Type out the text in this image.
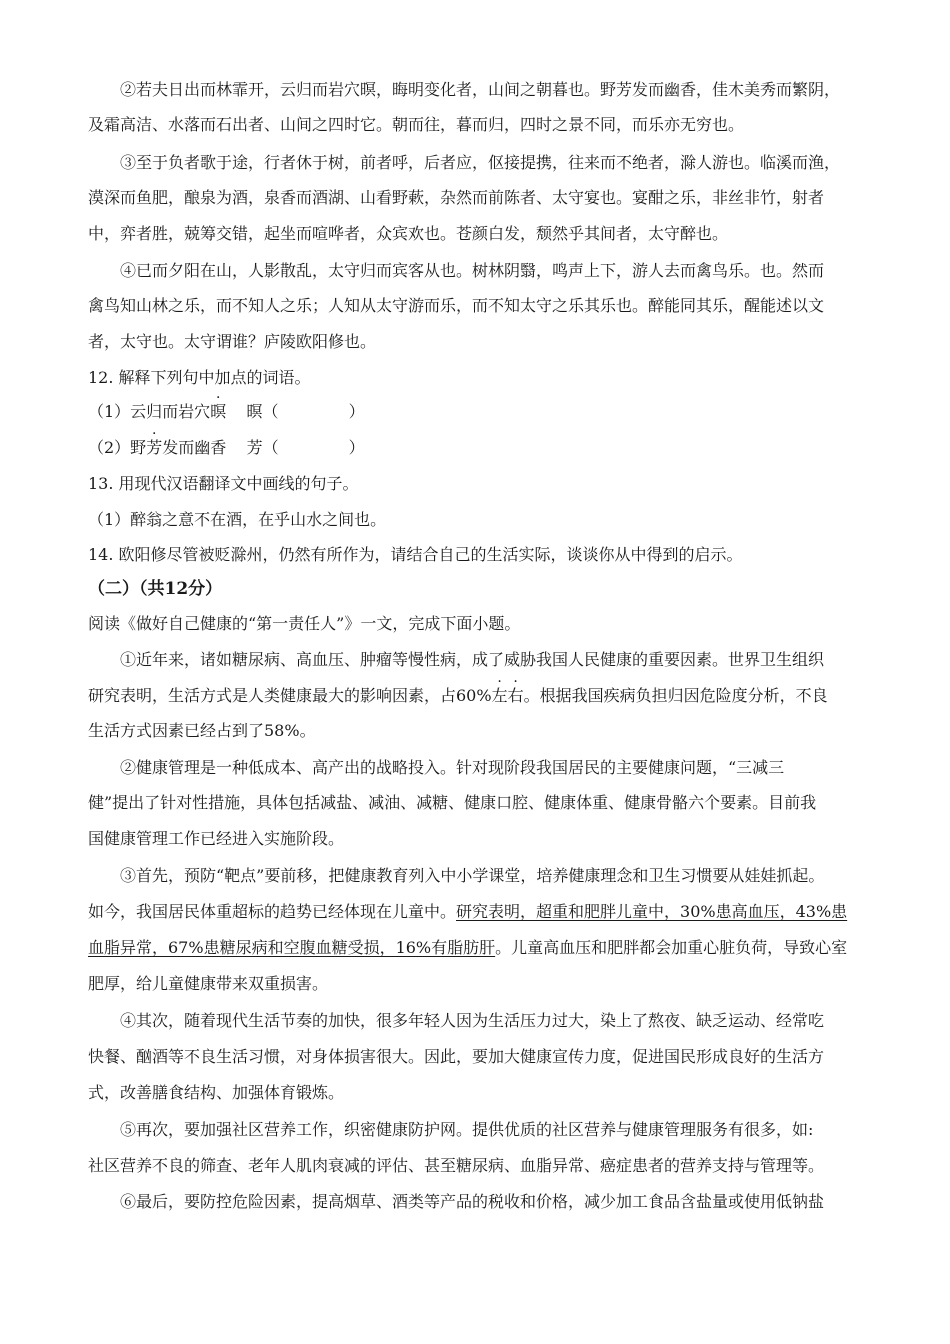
②若夫日出而林霏开，云归而岩穴暝，晦明变化者，山间之朝暮也。野芳发而幽香，佳木美秀而繁阴，
及霜高洁、水落而石出者、山间之四时它。朝而往，暮而归，四时之景不同，而乐亦无穷也。
③至于负者歌于途，行者休于树，前者呼，后者应，伛接提携，往来而不绝者，滁人游也。临溪而渔，
漠深而鱼肥，酿泉为酒，泉香而酒湖、山看野蔌，杂然而前陈者、太守宴也。宴酣之乐，非丝非竹，射者
中，弈者胜，兢筹交错，起坐而喧哗者，众宾欢也。苍颜白发，颓然乎其间者，太守醉也。
④已而夕阳在山，人影散乱，太守归而宾客从也。树林阴翳，鸣声上下，游人去而禽鸟乐。也。然而
禽鸟知山林之乐，而不知人之乐；人知从太守游而乐，而不知太守之乐其乐也。醉能同其乐，醒能述以文
者，太守也。太守谓谁？庐陵欧阳修也。
12. 解释下列句中加点的词语。
（1）云归而岩穴暝 暝（	）
（2）野芳发而幽香 芳（	）
13. 用现代汉语翻译文中画线的句子。
（1）醉翁之意不在酒，在乎山水之间也。
14. 欧阳修尽管被贬滁州，仍然有所作为，请结合自己的生活实际，谈谈你从中得到的启示。
（二）（共12分）
阅读《做好自己健康的“第一责任人”》一文，完成下面小题。
①近年来，诸如糖尿病、高血压、肿瘤等慢性病，成了威胁我国人民健康的重要因素。世界卫生组织
研究表明，生活方式是人类健康最大的影响因素，占60%左右。根据我国疾病负担归因危险度分析，不良
生活方式因素已经占到了58%。
②健康管理是一种低成本、高产出的战略投入。针对现阶段我国居民的主要健康问题，“三减三
健”提出了针对性措施，具体包括减盐、减油、减糖、健康口腔、健康体重、健康骨骼六个要素。目前我
国健康管理工作已经进入实施阶段。
③首先，预防“靶点”要前移，把健康教育列入中小学课堂，培养健康理念和卫生习惯要从娃娃抓起。
如今，我国居民体重超标的趋势已经体现在儿童中。研究表明，超重和肥胖儿童中，30%患高血压，43%患
血脂异常，67%患糖尿病和空腹血糖受损，16%有脂肪肝。儿童高血压和肥胖都会加重心脏负荷，导致心室
肥厚，给儿童健康带来双重损害。
④其次，随着现代生活节奏的加快，很多年轻人因为生活压力过大，染上了熬夜、缺乏运动、经常吃
快餐、酗酒等不良生活习惯，对身体损害很大。因此，要加大健康宣传力度，促进国民形成良好的生活方
式，改善膳食结构、加强体育锻炼。
⑤再次，要加强社区营养工作，织密健康防护网。提供优质的社区营养与健康管理服务有很多，如:
社区营养不良的筛查、老年人肌肉衰减的评估、甚至糖尿病、血脂异常、癌症患者的营养支持与管理等。
⑥最后，要防控危险因素，提高烟草、酒类等产品的税收和价格，减少加工食品含盐量或使用低钠盐
